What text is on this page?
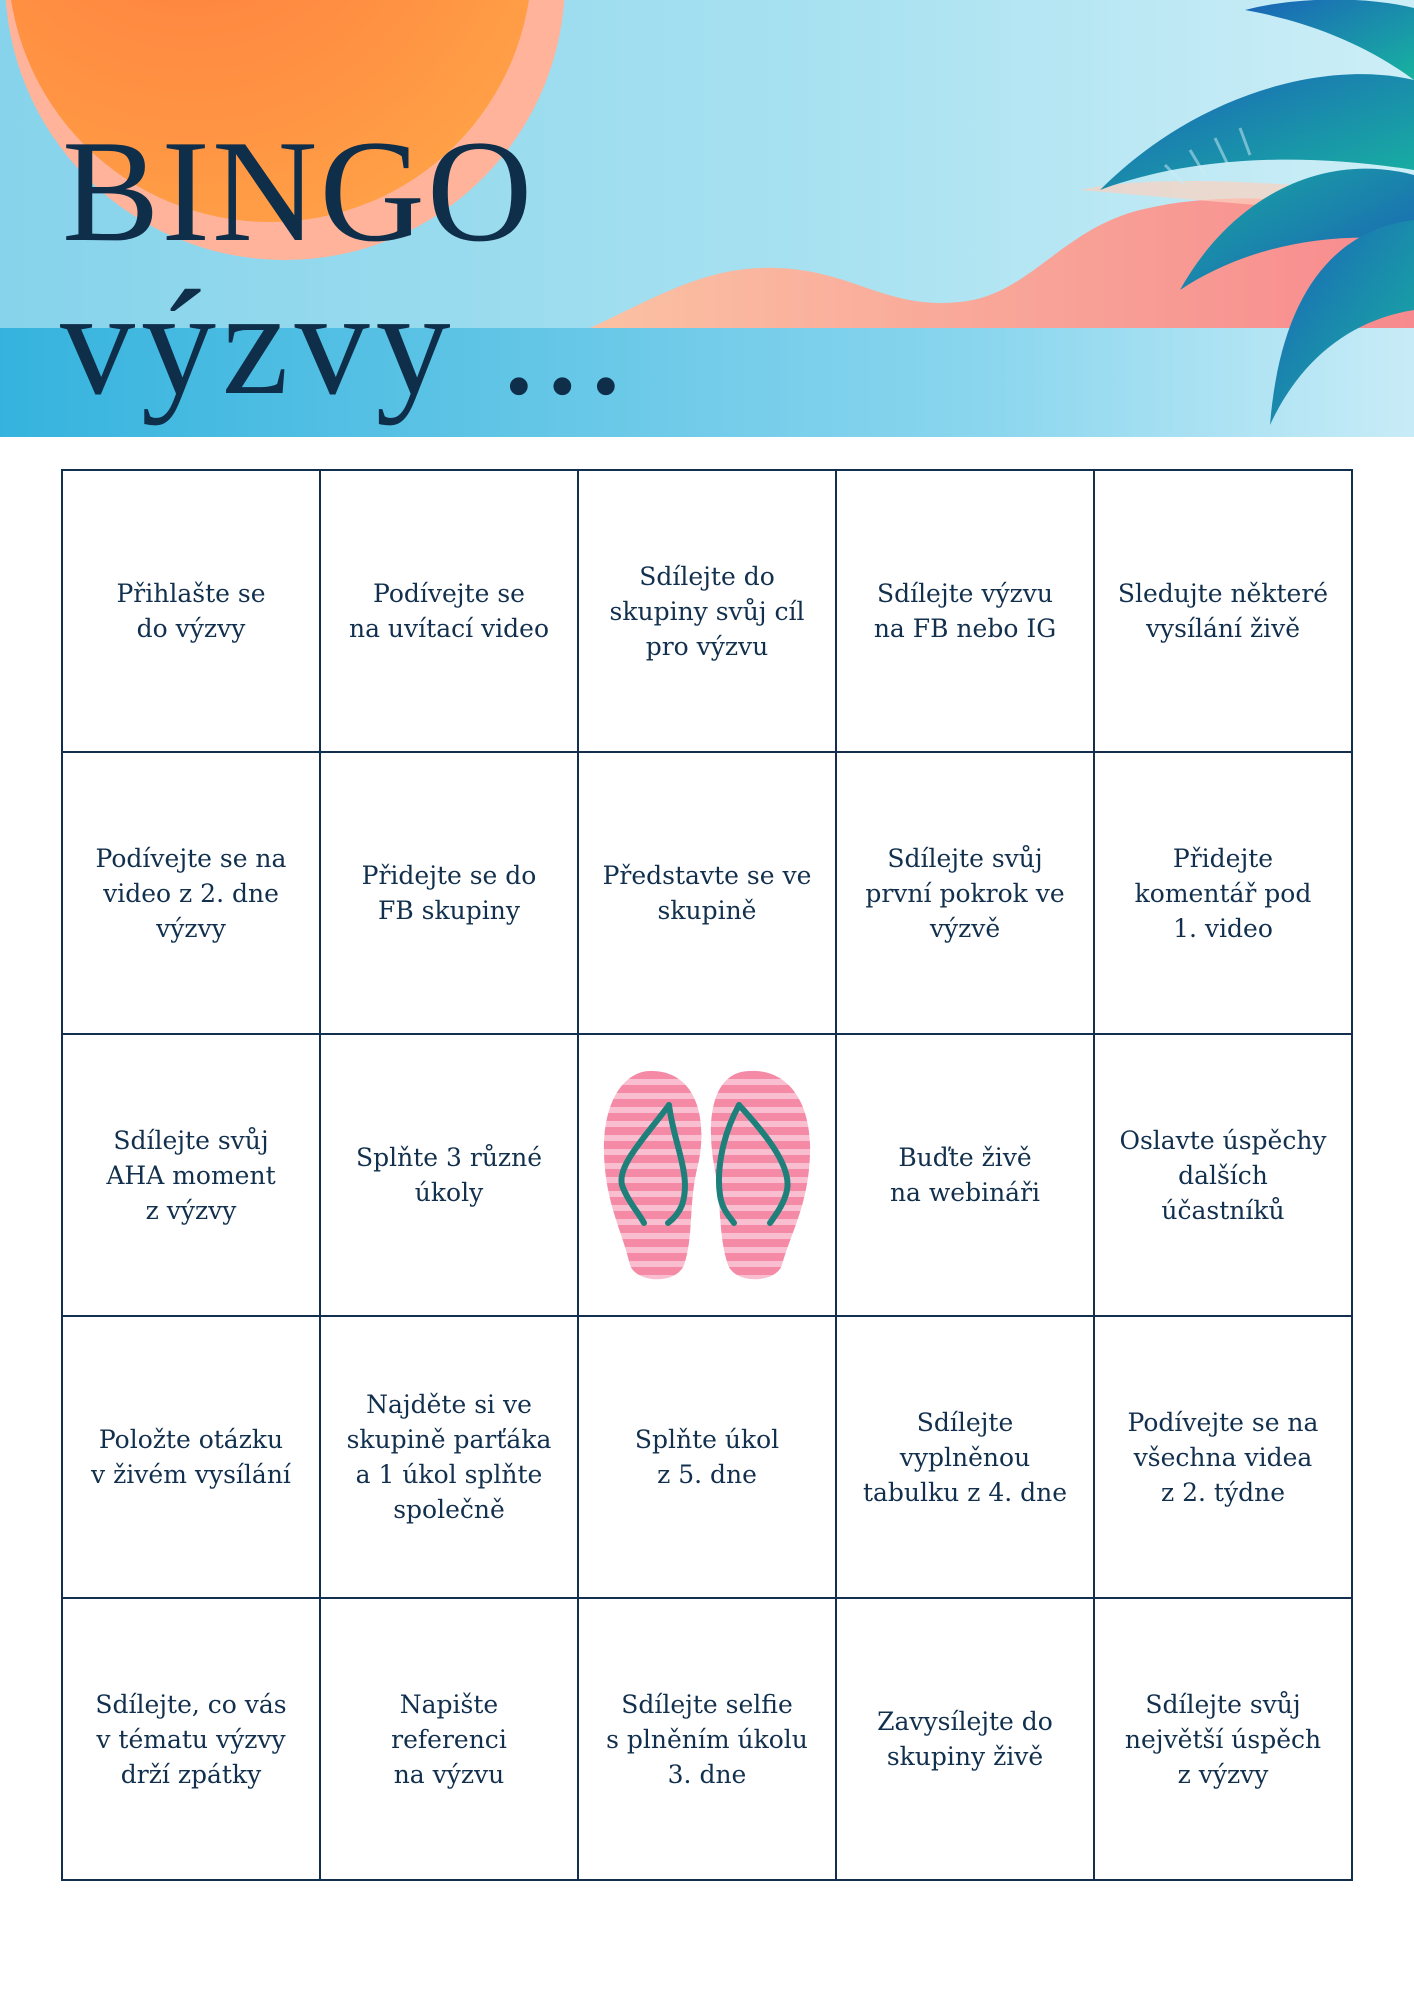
BINGO
výzvy ...
Přihlašte se
do výzvy
Podívejte se
na uvítací video
Sdílejte do
skupiny svůj cíl
pro výzvu
Sdílejte výzvu
na FB nebo IG
Sledujte některé
vysílání živě
Podívejte se na
video z 2. dne
výzvy
Přidejte se do
FB skupiny
Představte se ve
skupině
Sdílejte svůj
první pokrok ve
výzvě
Přidejte
komentář pod
1. video
Sdílejte svůj
AHA moment
z výzvy
Splňte 3 různé
úkoly
Buďte živě
na webináři
Oslavte úspěchy
dalších
účastníků
Položte otázku
v živém vysílání
Najděte si ve
skupině parťáka
a 1 úkol splňte
společně
Splňte úkol
z 5. dne
Sdílejte
vyplněnou
tabulku z 4. dne
Podívejte se na
všechna videa
z 2. týdne
Sdílejte, co vás
v tématu výzvy
drží zpátky
Napište
referenci
na výzvu
Sdílejte selfie
s plněním úkolu
3. dne
Zavysílejte do
skupiny živě
Sdílejte svůj
největší úspěch
z výzvy
